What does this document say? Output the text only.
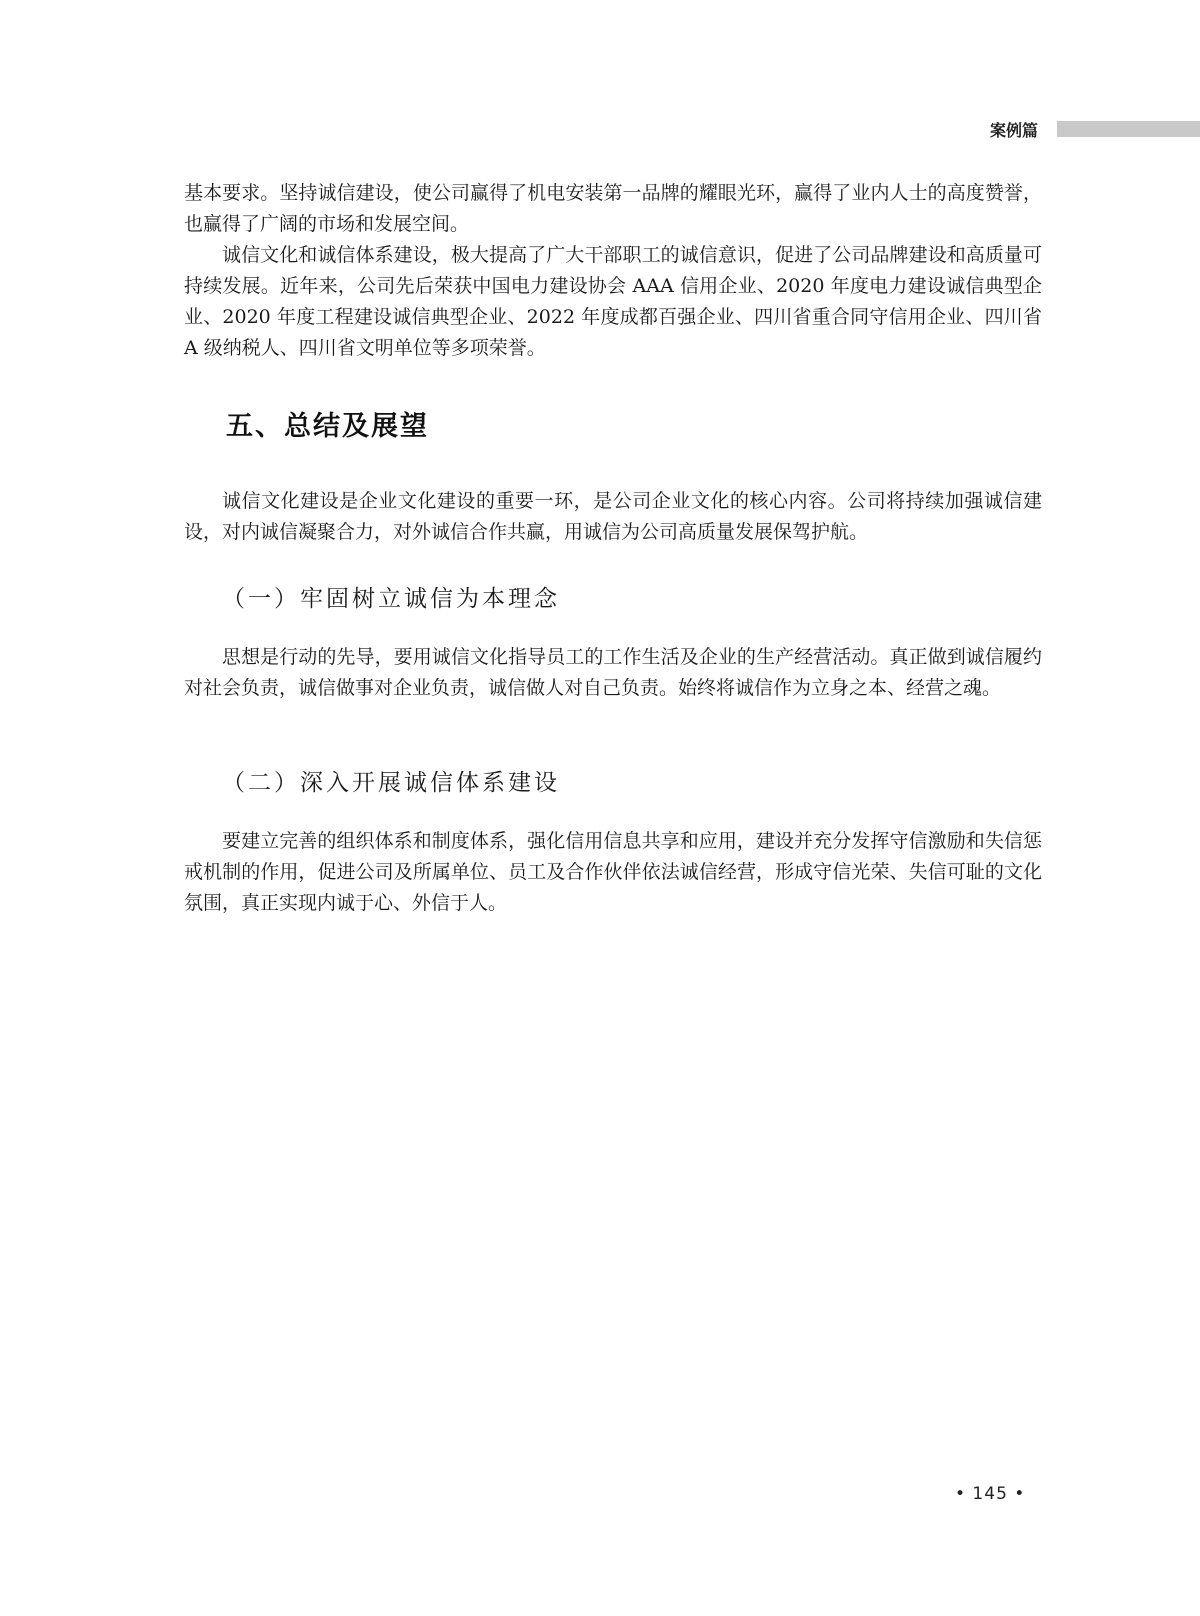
案例篇

基本要求。坚持诚信建设，使公司赢得了机电安装第一品牌的耀眼光环，赢得了业内人士的高度赞誉，也赢得了广阔的市场和发展空间。

诚信文化和诚信体系建设，极大提高了广大干部职工的诚信意识，促进了公司品牌建设和高质量可持续发展。近年来，公司先后荣获中国电力建设协会 AAA 信用企业、2020 年度电力建设诚信典型企业、2020 年度工程建设诚信典型企业、2022 年度成都百强企业、四川省重合同守信用企业、四川省 A 级纳税人、四川省文明单位等多项荣誉。

五、总结及展望

诚信文化建设是企业文化建设的重要一环，是公司企业文化的核心内容。公司将持续加强诚信建设，对内诚信凝聚合力，对外诚信合作共赢，用诚信为公司高质量发展保驾护航。

（一）牢固树立诚信为本理念

思想是行动的先导，要用诚信文化指导员工的工作生活及企业的生产经营活动。真正做到诚信履约对社会负责，诚信做事对企业负责，诚信做人对自己负责。始终将诚信作为立身之本、经营之魂。

（二）深入开展诚信体系建设

要建立完善的组织体系和制度体系，强化信用信息共享和应用，建设并充分发挥守信激励和失信惩戒机制的作用，促进公司及所属单位、员工及合作伙伴依法诚信经营，形成守信光荣、失信可耻的文化氛围，真正实现内诚于心、外信于人。

• 145 •
